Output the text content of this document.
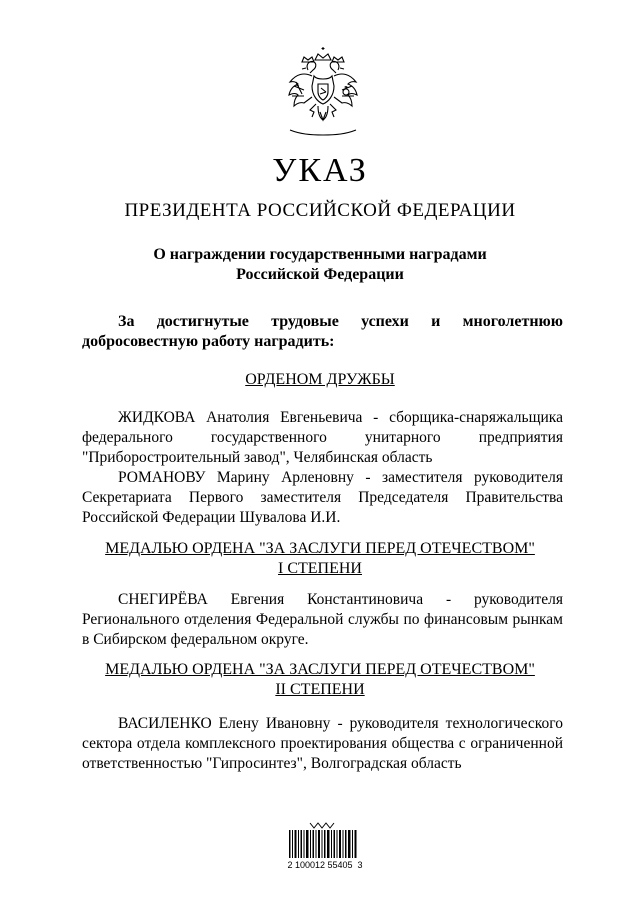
УКАЗ
ПРЕЗИДЕНТА РОССИЙСКОЙ ФЕДЕРАЦИИ
О награждении государственными наградами
Российской Федерации
За достигнутые трудовые успехи и многолетнюю добросовестную работу наградить:
ОРДЕНОМ ДРУЖБЫ
ЖИДКОВА Анатолия Евгеньевича - сборщика-снаряжальщика федерального государственного унитарного предприятия "Приборостроительный завод", Челябинская область
РОМАНОВУ Марину Арленовну - заместителя руководителя Секретариата Первого заместителя Председателя Правительства Российской Федерации Шувалова И.И.
МЕДАЛЬЮ ОРДЕНА "ЗА ЗАСЛУГИ ПЕРЕД ОТЕЧЕСТВОМ"
I СТЕПЕНИ
СНЕГИРЁВА Евгения Константиновича - руководителя Регионального отделения Федеральной службы по финансовым рынкам в Сибирском федеральном округе.
МЕДАЛЬЮ ОРДЕНА "ЗА ЗАСЛУГИ ПЕРЕД ОТЕЧЕСТВОМ"
II СТЕПЕНИ
ВАСИЛЕНКО Елену Ивановну - руководителя технологического сектора отдела комплексного проектирования общества с ограниченной ответственностью "Гипросинтез", Волгоградская область
2 100012 55405  3
